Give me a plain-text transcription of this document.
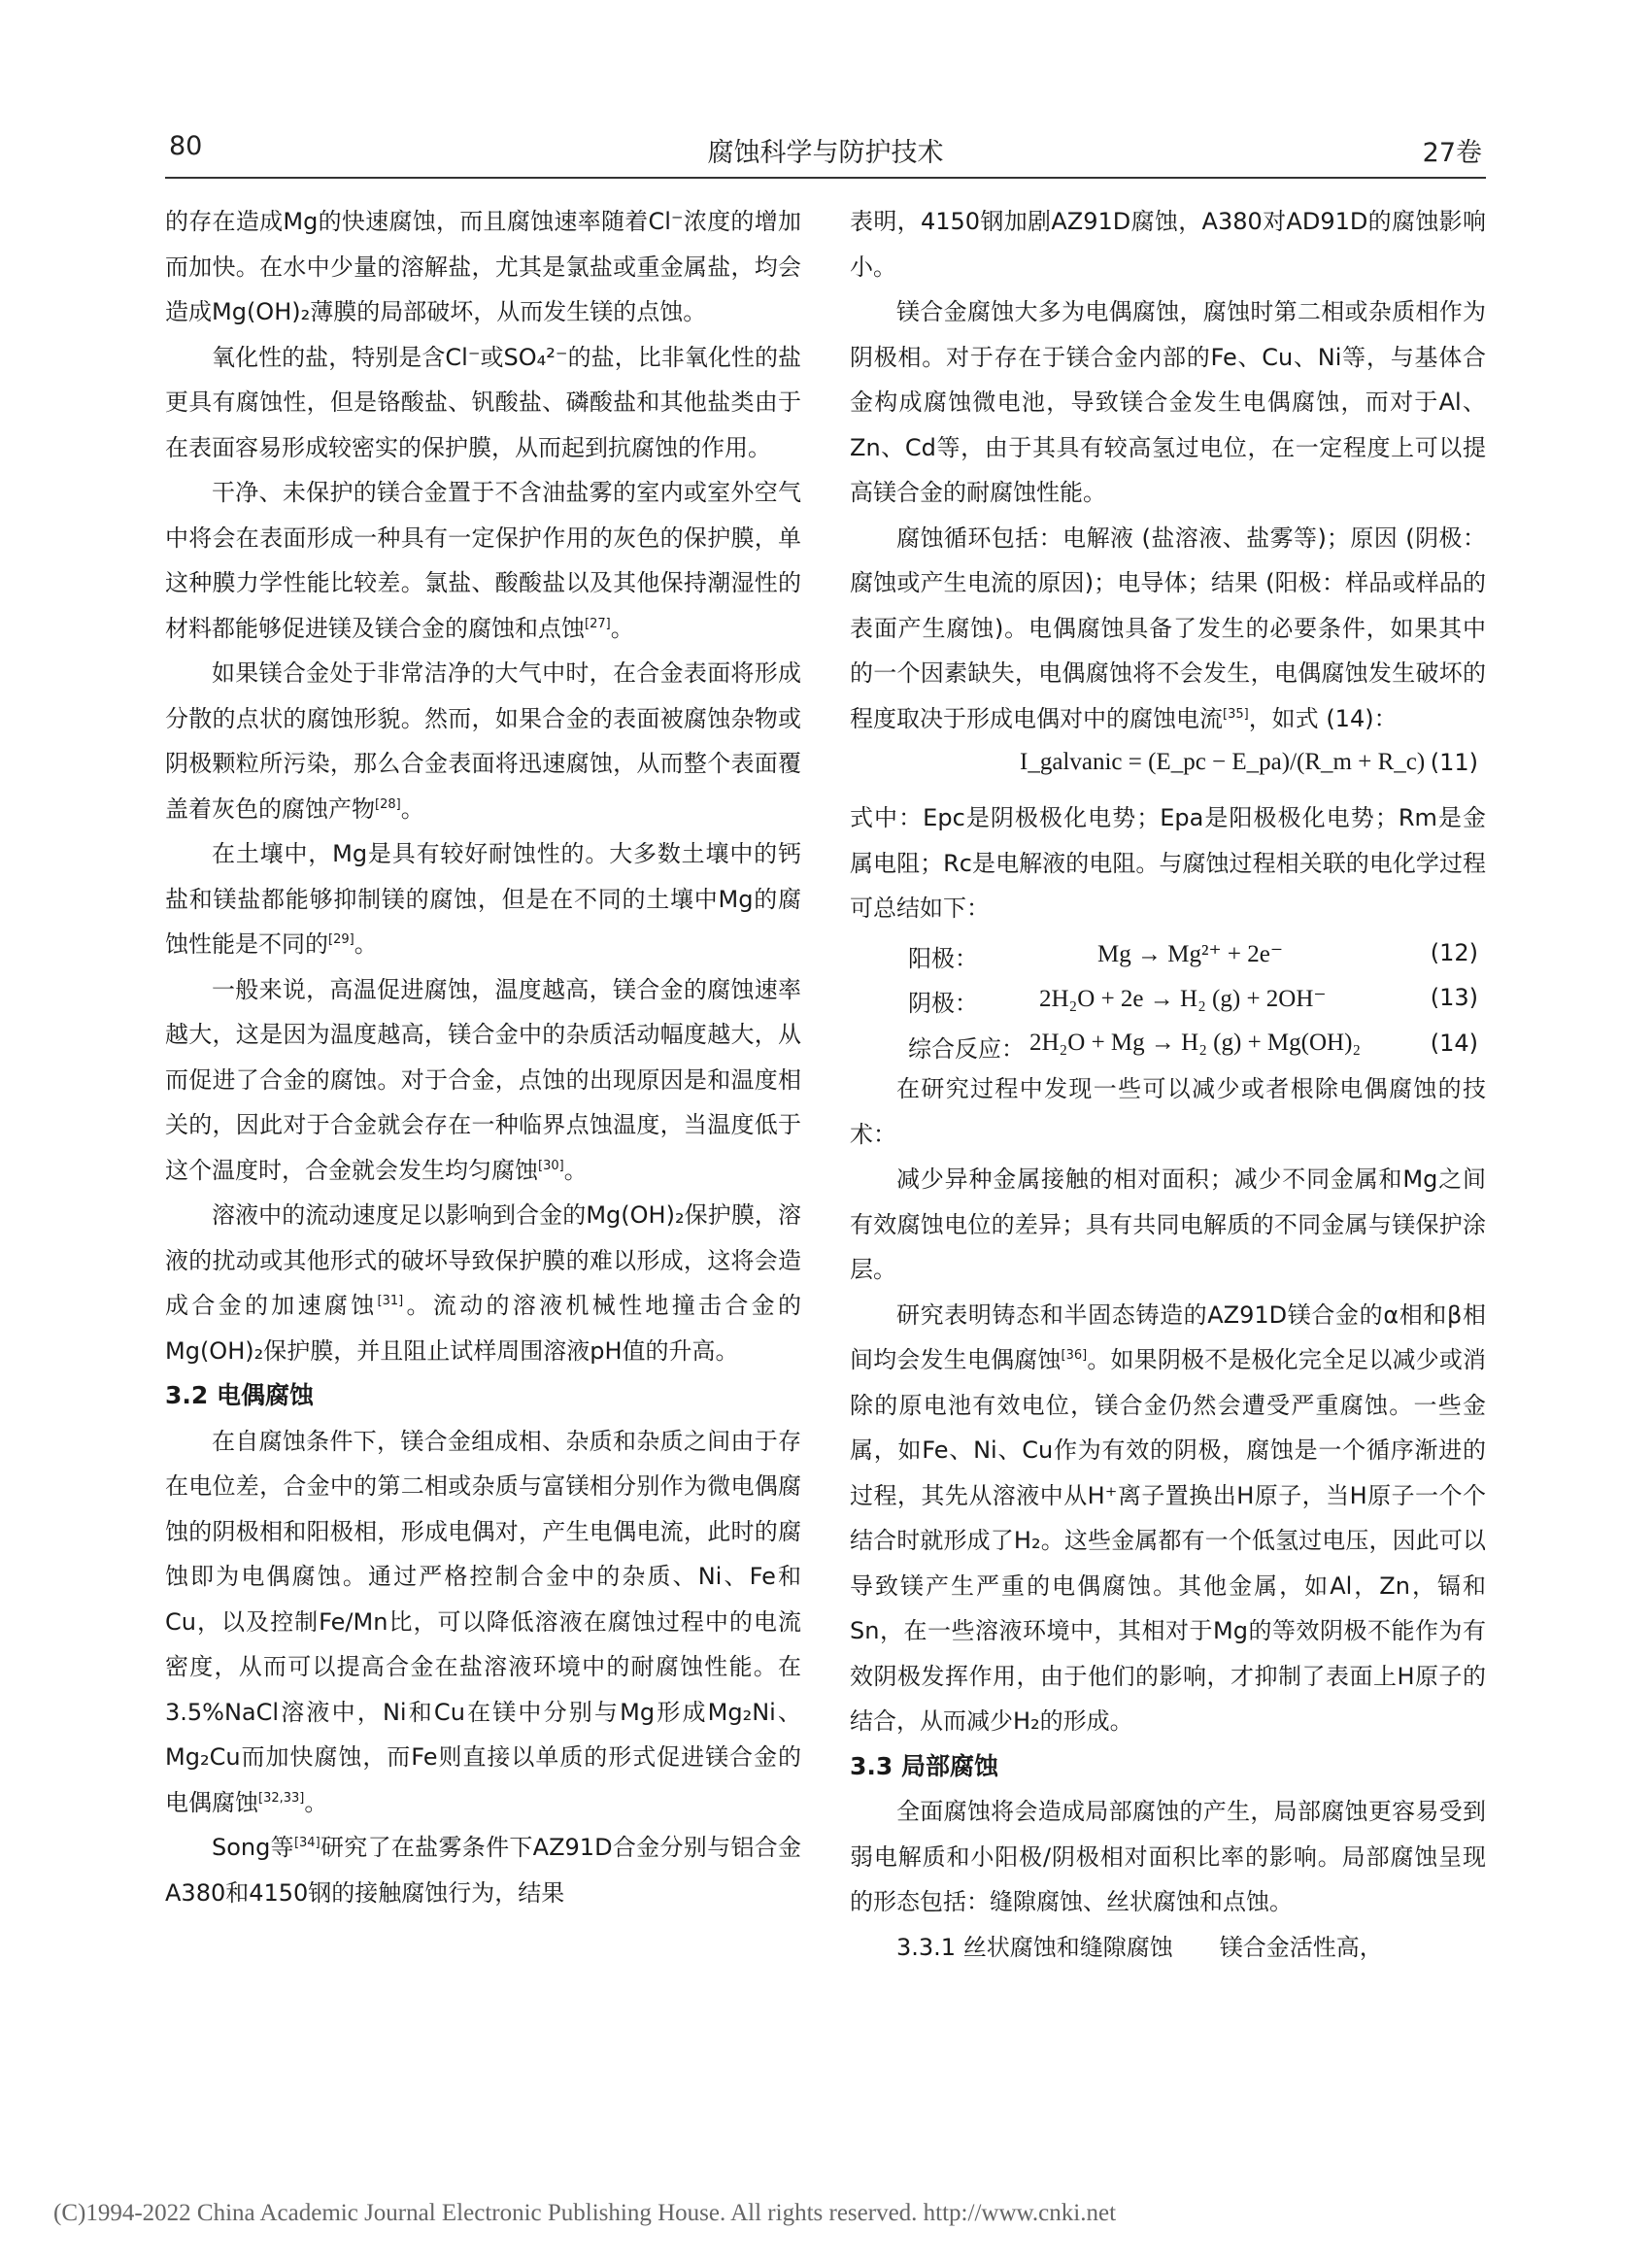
80	腐蚀科学与防护技术	27卷

的存在造成Mg的快速腐蚀，而且腐蚀速率随着Cl⁻浓度的增加而加快。在水中少量的溶解盐，尤其是氯盐或重金属盐，均会造成Mg(OH)₂薄膜的局部破坏，从而发生镁的点蚀。

氧化性的盐，特别是含Cl⁻或SO₄²⁻的盐，比非氧化性的盐更具有腐蚀性，但是铬酸盐、钒酸盐、磷酸盐和其他盐类由于在表面容易形成较密实的保护膜，从而起到抗腐蚀的作用。

干净、未保护的镁合金置于不含油盐雾的室内或室外空气中将会在表面形成一种具有一定保护作用的灰色的保护膜，单这种膜力学性能比较差。氯盐、酸酸盐以及其他保持潮湿性的材料都能够促进镁及镁合金的腐蚀和点蚀[27]。

如果镁合金处于非常洁净的大气中时，在合金表面将形成分散的点状的腐蚀形貌。然而，如果合金的表面被腐蚀杂物或阴极颗粒所污染，那么合金表面将迅速腐蚀，从而整个表面覆盖着灰色的腐蚀产物[28]。

在土壤中，Mg是具有较好耐蚀性的。大多数土壤中的钙盐和镁盐都能够抑制镁的腐蚀，但是在不同的土壤中Mg的腐蚀性能是不同的[29]。

一般来说，高温促进腐蚀，温度越高，镁合金的腐蚀速率越大，这是因为温度越高，镁合金中的杂质活动幅度越大，从而促进了合金的腐蚀。对于合金，点蚀的出现原因是和温度相关的，因此对于合金就会存在一种临界点蚀温度，当温度低于这个温度时，合金就会发生均匀腐蚀[30]。

溶液中的流动速度足以影响到合金的Mg(OH)₂保护膜，溶液的扰动或其他形式的破坏导致保护膜的难以形成，这将会造成合金的加速腐蚀[31]。流动的溶液机械性地撞击合金的Mg(OH)₂保护膜，并且阻止试样周围溶液pH值的升高。

3.2 电偶腐蚀

在自腐蚀条件下，镁合金组成相、杂质和杂质之间由于存在电位差，合金中的第二相或杂质与富镁相分别作为微电偶腐蚀的阴极相和阳极相，形成电偶对，产生电偶电流，此时的腐蚀即为电偶腐蚀。通过严格控制合金中的杂质、Ni、Fe和Cu，以及控制Fe/Mn比，可以降低溶液在腐蚀过程中的电流密度，从而可以提高合金在盐溶液环境中的耐腐蚀性能。在3.5%NaCl溶液中，Ni和Cu在镁中分别与Mg形成Mg₂Ni、Mg₂Cu而加快腐蚀，而Fe则直接以单质的形式促进镁合金的电偶腐蚀[32,33]。

Song等[34]研究了在盐雾条件下AZ91D合金分别与铝合金A380和4150钢的接触腐蚀行为，结果

表明，4150钢加剧AZ91D腐蚀，A380对AD91D的腐蚀影响小。

镁合金腐蚀大多为电偶腐蚀，腐蚀时第二相或杂质相作为阴极相。对于存在于镁合金内部的Fe、Cu、Ni等，与基体合金构成腐蚀微电池，导致镁合金发生电偶腐蚀，而对于Al、Zn、Cd等，由于其具有较高氢过电位，在一定程度上可以提高镁合金的耐腐蚀性能。

腐蚀循环包括：电解液 (盐溶液、盐雾等)；原因 (阴极：腐蚀或产生电流的原因)；电导体；结果 (阳极：样品或样品的表面产生腐蚀)。电偶腐蚀具备了发生的必要条件，如果其中的一个因素缺失，电偶腐蚀将不会发生，电偶腐蚀发生破坏的程度取决于形成电偶对中的腐蚀电流[35]，如式 (14)：

I_galvanic = (E_pc − E_pa)/(R_m + R_c) (11)

式中：Epc是阴极极化电势；Epa是阳极极化电势；Rm是金属电阻；Rc是电解液的电阻。与腐蚀过程相关联的电化学过程可总结如下：

阳极：	Mg → Mg²⁺ + 2e⁻	(12)
阴极：	2H₂O + 2e → H₂ (g) + 2OH⁻	(13)
综合反应： 2H₂O + Mg → H₂ (g) + Mg(OH)₂	(14)

在研究过程中发现一些可以减少或者根除电偶腐蚀的技术：

减少异种金属接触的相对面积；减少不同金属和Mg之间有效腐蚀电位的差异；具有共同电解质的不同金属与镁保护涂层。

研究表明铸态和半固态铸造的AZ91D镁合金的α相和β相间均会发生电偶腐蚀[36]。如果阴极不是极化完全足以减少或消除的原电池有效电位，镁合金仍然会遭受严重腐蚀。一些金属，如Fe、Ni、Cu作为有效的阴极，腐蚀是一个循序渐进的过程，其先从溶液中从H⁺离子置换出H原子，当H原子一个个结合时就形成了H₂。这些金属都有一个低氢过电压，因此可以导致镁产生严重的电偶腐蚀。其他金属，如Al，Zn，镉和Sn，在一些溶液环境中，其相对于Mg的等效阴极不能作为有效阴极发挥作用，由于他们的影响，才抑制了表面上H原子的结合，从而减少H₂的形成。

3.3 局部腐蚀

全面腐蚀将会造成局部腐蚀的产生，局部腐蚀更容易受到弱电解质和小阳极/阴极相对面积比率的影响。局部腐蚀呈现的形态包括：缝隙腐蚀、丝状腐蚀和点蚀。

3.3.1 丝状腐蚀和缝隙腐蚀   镁合金活性高，

(C)1994-2022 China Academic Journal Electronic Publishing House. All rights reserved. http://www.cnki.net
